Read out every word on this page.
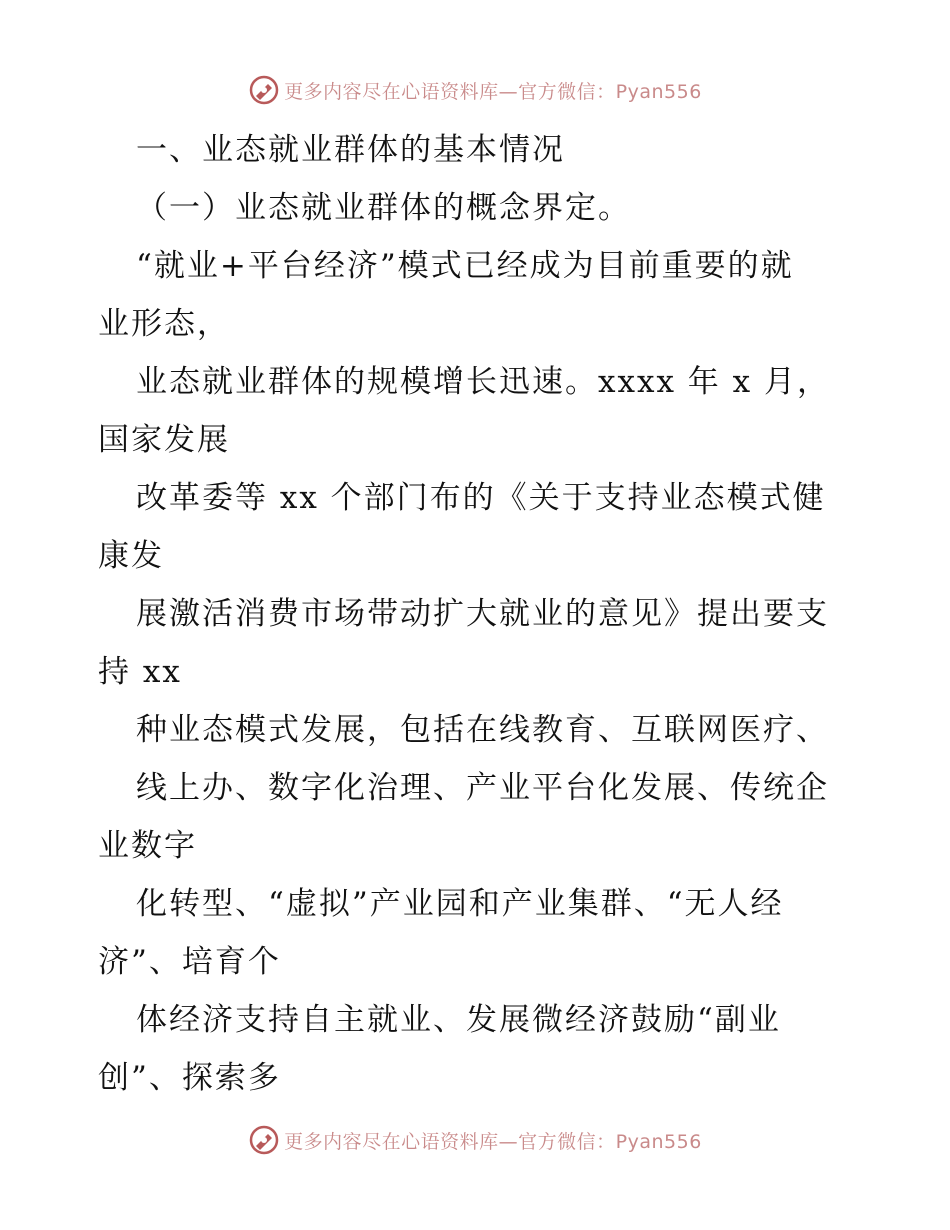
更多内容尽在心语资料库—官方微信：Pyan556
一、业态就业群体的基本情况
（一）业态就业群体的概念界定。
“就业+平台经济”模式已经成为目前重要的就
业形态，
业态就业群体的规模增长迅速。xxxx 年 x 月，
国家发展
改革委等 xx 个部门布的《关于支持业态模式健
康发
展激活消费市场带动扩大就业的意见》提出要支
持 xx
种业态模式发展，包括在线教育、互联网医疗、
线上办、数字化治理、产业平台化发展、传统企
业数字
化转型、“虚拟”产业园和产业集群、“无人经
济”、培育个
体经济支持自主就业、发展微经济鼓励“副业
创”、探索多
更多内容尽在心语资料库—官方微信：Pyan556
